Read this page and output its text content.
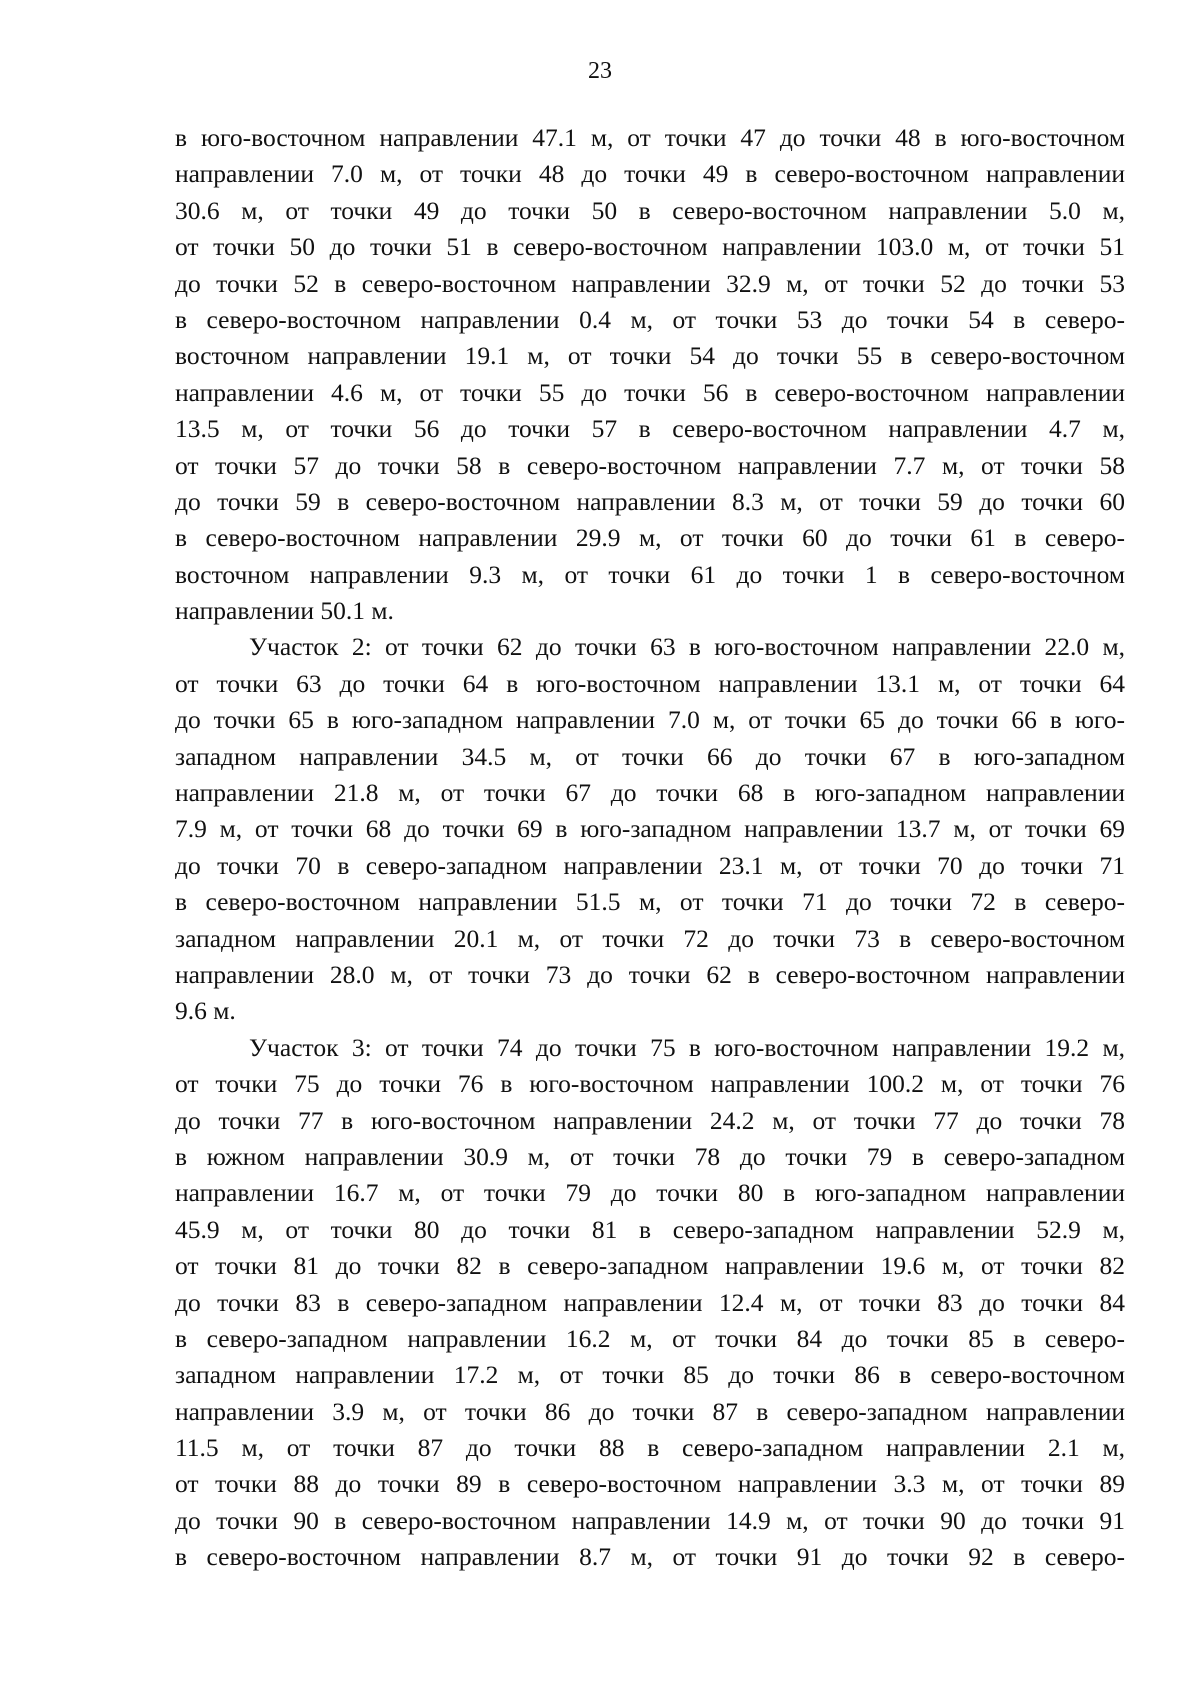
23
в юго-восточном направлении 47.1 м, от точки 47 до точки 48 в юго-восточном
направлении 7.0 м, от точки 48 до точки 49 в северо-восточном направлении
30.6 м, от точки 49 до точки 50 в северо-восточном направлении 5.0 м,
от точки 50 до точки 51 в северо-восточном направлении 103.0 м, от точки 51
до точки 52 в северо-восточном направлении 32.9 м, от точки 52 до точки 53
в северо-восточном направлении 0.4 м, от точки 53 до точки 54 в северо-
восточном направлении 19.1 м, от точки 54 до точки 55 в северо-восточном
направлении 4.6 м, от точки 55 до точки 56 в северо-восточном направлении
13.5 м, от точки 56 до точки 57 в северо-восточном направлении 4.7 м,
от точки 57 до точки 58 в северо-восточном направлении 7.7 м, от точки 58
до точки 59 в северо-восточном направлении 8.3 м, от точки 59 до точки 60
в северо-восточном направлении 29.9 м, от точки 60 до точки 61 в северо-
восточном направлении 9.3 м, от точки 61 до точки 1 в северо-восточном
направлении 50.1 м.
Участок 2: от точки 62 до точки 63 в юго-восточном направлении 22.0 м,
от точки 63 до точки 64 в юго-восточном направлении 13.1 м, от точки 64
до точки 65 в юго-западном направлении 7.0 м, от точки 65 до точки 66 в юго-
западном направлении 34.5 м, от точки 66 до точки 67 в юго-западном
направлении 21.8 м, от точки 67 до точки 68 в юго-западном направлении
7.9 м, от точки 68 до точки 69 в юго-западном направлении 13.7 м, от точки 69
до точки 70 в северо-западном направлении 23.1 м, от точки 70 до точки 71
в северо-восточном направлении 51.5 м, от точки 71 до точки 72 в северо-
западном направлении 20.1 м, от точки 72 до точки 73 в северо-восточном
направлении 28.0 м, от точки 73 до точки 62 в северо-восточном направлении
9.6 м.
Участок 3: от точки 74 до точки 75 в юго-восточном направлении 19.2 м,
от точки 75 до точки 76 в юго-восточном направлении 100.2 м, от точки 76
до точки 77 в юго-восточном направлении 24.2 м, от точки 77 до точки 78
в южном направлении 30.9 м, от точки 78 до точки 79 в северо-западном
направлении 16.7 м, от точки 79 до точки 80 в юго-западном направлении
45.9 м, от точки 80 до точки 81 в северо-западном направлении 52.9 м,
от точки 81 до точки 82 в северо-западном направлении 19.6 м, от точки 82
до точки 83 в северо-западном направлении 12.4 м, от точки 83 до точки 84
в северо-западном направлении 16.2 м, от точки 84 до точки 85 в северо-
западном направлении 17.2 м, от точки 85 до точки 86 в северо-восточном
направлении 3.9 м, от точки 86 до точки 87 в северо-западном направлении
11.5 м, от точки 87 до точки 88 в северо-западном направлении 2.1 м,
от точки 88 до точки 89 в северо-восточном направлении 3.3 м, от точки 89
до точки 90 в северо-восточном направлении 14.9 м, от точки 90 до точки 91
в северо-восточном направлении 8.7 м, от точки 91 до точки 92 в северо-
